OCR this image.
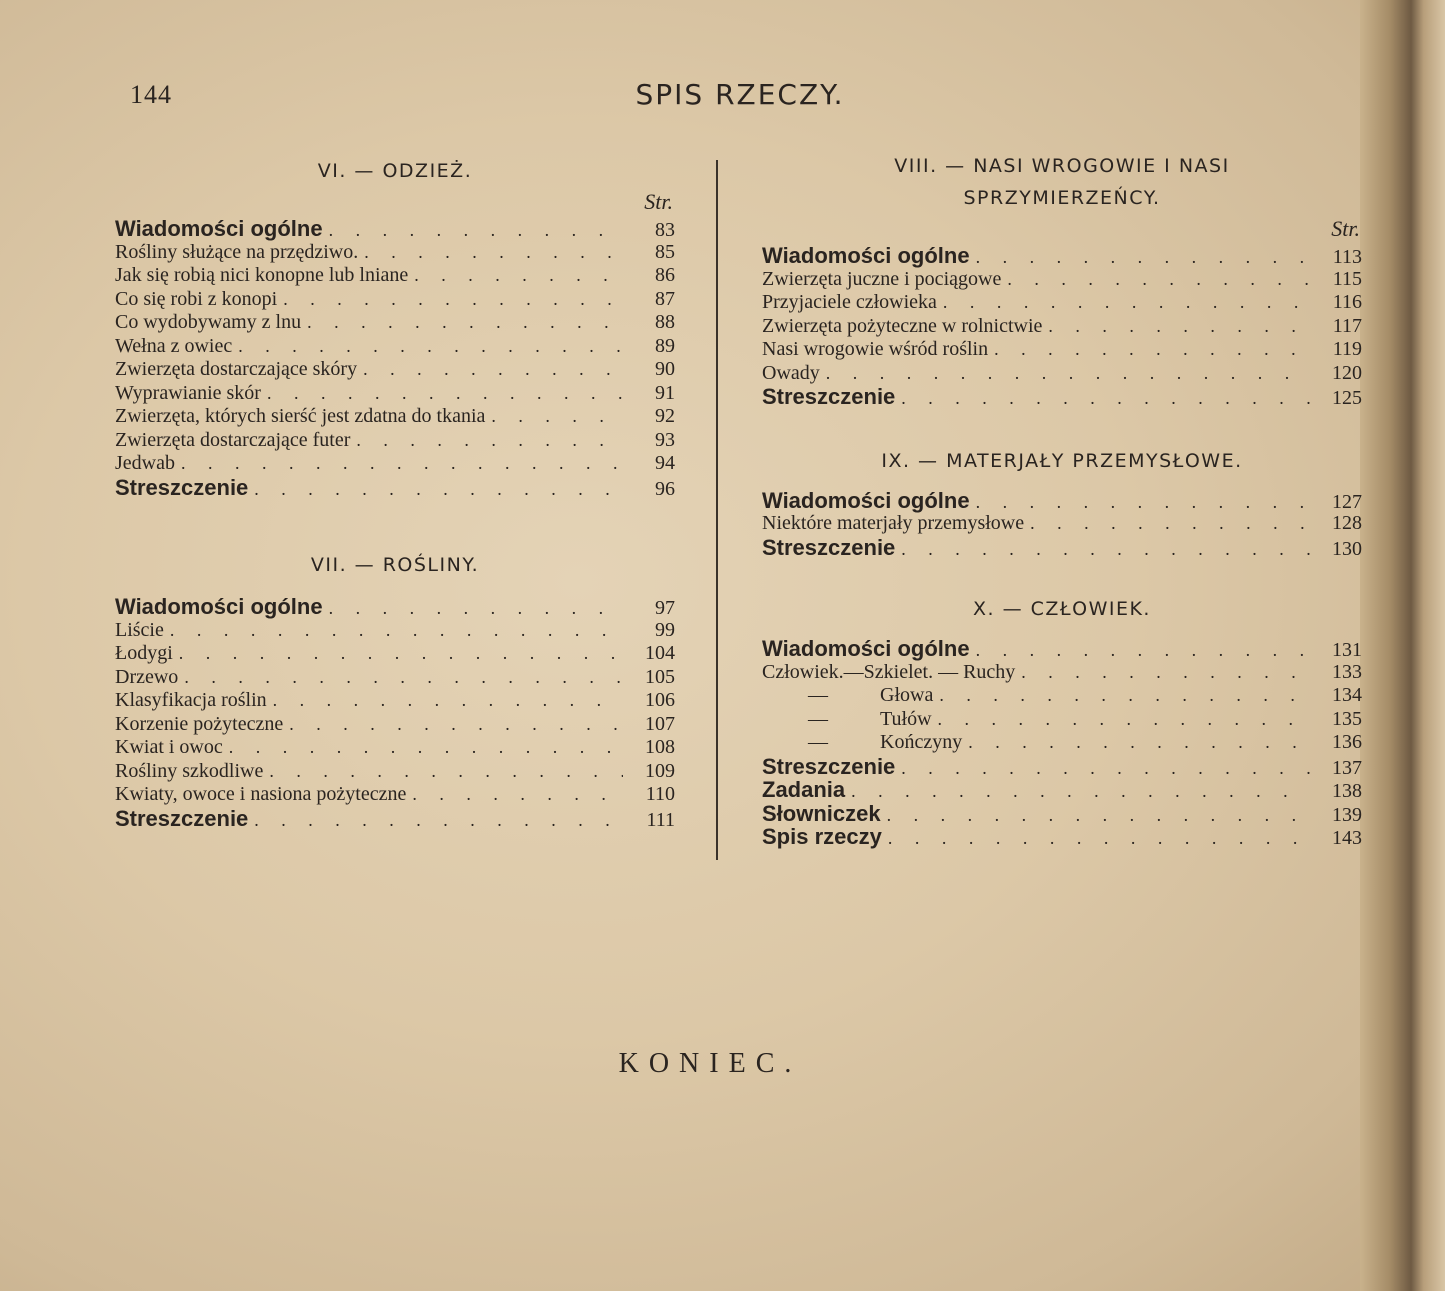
144	SPIS RZECZY.
VI. — ODZIEŻ.
Str.
Wiadomości ogólne . . .	83
Rośliny służące na przędziwo. . . .	85
Jak się robią nici konopne lub lniane . . .	86
Co się robi z konopi . . .	87
Co wydobywamy z lnu . . .	88
Wełna z owiec . . .	89
Zwierzęta dostarczające skóry . . .	90
Wyprawianie skór . . .	91
Zwierzęta, których sierść jest zdatna do tkania . . .	92
Zwierzęta dostarczające futer . . .	93
Jedwab . . .	94
Streszczenie . . .	96
VII. — ROŚLINY.
Wiadomości ogólne . . .	97
Liście . . .	99
Łodygi . . .	104
Drzewo . . .	105
Klasyfikacja roślin . . .	106
Korzenie pożyteczne . . .	107
Kwiat i owoc . . .	108
Rośliny szkodliwe . . .	109
Kwiaty, owoce i nasiona pożyteczne . . .	110
Streszczenie . . .	111
VIII. — NASI WROGOWIE I NASI
SPRZYMIERZEŃCY.
Str.
Wiadomości ogólne . . .	113
Zwierzęta juczne i pociągowe . . .	115
Przyjaciele człowieka . . .	116
Zwierzęta pożyteczne w rolnictwie . . .	117
Nasi wrogowie wśród roślin . . .	119
Owady . . .	120
Streszczenie . . .	125
IX. — MATERJAŁY PRZEMYSŁOWE.
Wiadomości ogólne . . .	127
Niektóre materjały przemysłowe . . .	128
Streszczenie . . .	130
X. — CZŁOWIEK.
Wiadomości ogólne . . .	131
Człowiek.—Szkielet. — Ruchy . . .	133
—	Głowa . . .	134
—	Tułów . . .	135
—	Kończyny . . .	136
Streszczenie . . .	137
Zadania . . .	138
Słowniczek . . .	139
Spis rzeczy . . .	143
KONIEC.
